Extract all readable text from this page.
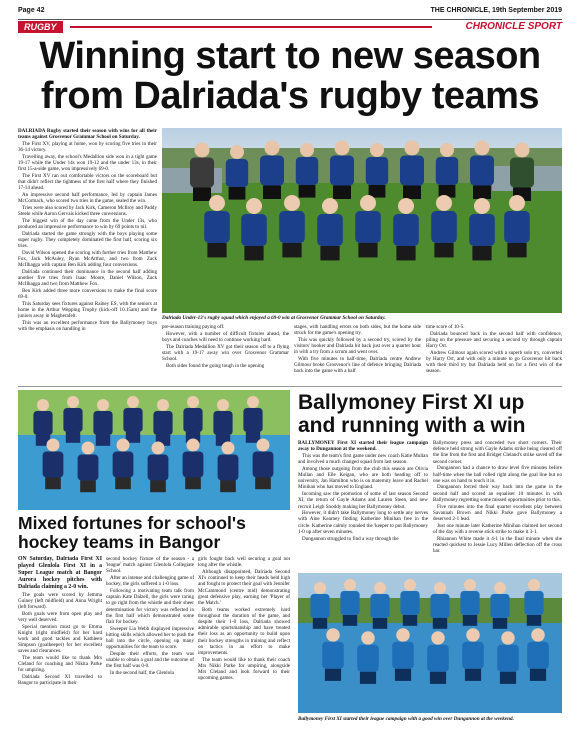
Page 42	THE CHRONICLE, 19th September 2019
RUGBY	CHRONICLE SPORT
Winning start to new season from Dalriada's rugby teams

DALRIADA Rugby started their season with wins for all their teams against Grosvenor Grammar School on Saturday.

The First XV, playing at home, won by scoring five tries in their 36-14 victory.

Travelling away, the school's Medallion side won in a tight game 19-17 while the Under 14s won 19-12 and the under 13s, in their first 15-a-side game, won impressively 69-0.

The First XV ran out comfortable victors on the scoreboard but that didn't reflect the tightness of the first half where they finished 17-14 ahead.

An impressive second half performance, led by captain James McCormack, who scored two tries in the game, sealed the win.

Tries were also scored by Jack Kirk, Cameron McIlroy and Paddy Steele while Aaron Gervais kicked three conversions.

The biggest win of the day came from the Under 13s, who produced an impressive performance to win by 69 points to nil.

Dalriada started the game strongly with the boys playing some super rugby. They completely dominated the first half, scoring six tries.

David Wilson opened the scoring with further tries from Matthew Fox, Jack McAuley, Ryan McArthur, and two from Zack McIlhagga with captain Ben Kirk adding four conversions.

Dalriada continued their dominance in the second half adding another five tries from Isaac Moore, Daniel Wilson, Zack McIlhagga and two from Matthew Fox.

Ben Kirk added three more conversions to make the final score 69-0.

This Saturday sees fixtures against Rainey ES, with the seniors at home in the Arthur Wepping Trophy (kick-off 10.15am) and the juniors away in Magherafelt.

This was an excellent performance from the Ballymoney boys with the emphasis on handling in

Dalriada Under-13's rugby squad which enjoyed a 69-0 win at Grosvenor Grammar School on Saturday.

pre-season training paying off.

However, with a number of difficult fixtures ahead, the boys and coaches will need to continue working hard.

The Dalriada Medallion XV got their season off to a flying start with a 19-17 away win over Grosvenor Grammar School.

Both sides found the going tough in the opening

stages, with handling errors on both sides, but the home side struck for the game's opening try.

This was quickly followed by a second try, scored by the visitors' hooker and Dalriada hit back just over a quarter hour in with a try from a scrum and went over.

With five minutes to half-time, Dalriada centre Andrew Gilmour broke Grosvenor's line of defence bringing Dalriada back into the game with a half

time score of 10-5.

Dalriada bounced back in the second half with confidence, piling on the pressure and securing a second try through captain Harry Orr.

Andrew Gilmour again scored with a superb solo try, converted by Harry Orr, and with only a minute to go Grosvenor hit back with their third try but Dalriada held on for a first win of the season.

Ballymoney First XI up and running with a win

BALLYMONEY First XI started their league campaign away to Dungannon at the weekend.

This was the team's first game under new coach Katie Mullan and involved a much changed squad from last season.

Among those outgoing from the club this season are Olivia Mullan and Elle Keigan, who are both heading off to university, Jan Hamilton who is on maternity leave and Rachel Minihan who has moved to England.

Incoming saw the promotion of some of last season Second XI, the return of Gayle Adams and Lauren Steen, and new recruit Leigh Snoddy making her Ballymoney debut.

However, it didn't take Ballymoney long to settle any nerves with Aine Kearney finding Katherine Minihan free in the circle. Katherine calmly rounded the 'keeper to put Ballymoney 1-0 up after seven minutes.

Dungannon struggled to find a way through the

Ballymoney press and conceded two short corners. Their defence held strong with Gayle Adams strike being cleared off the line from the first and Bridget Cleland's strike saved off the second corner.

Dungannon had a chance to draw level five minutes before half-time when the ball rolled right along the goal line but no one was on hand to touch it in.

Dungannon forced their way back into the game in the second half and scored an equaliser 10 minutes in with Ballymoney regretting some missed opportunities prior to this.

Five minutes into the final quarter excellent play between Savannah Brown and Nikki Parke gave Ballymoney a deserved 2-1 lead.

Just one minute later Katherine Minihan claimed her second of the day with a reverse stick strike to make it 3-1.

Rhiannon White made it 4-1 in the final minute when she reacted quickest to Jessie Lucy Millen deflection off the cross bar.

Mixed fortunes for school's hockey teams in Bangor

ON Saturday, Dalriada First XI played Glenlola First XI in a Super League match at Bangor Aurora hockey pitches with Dalriada claiming a 2-0 win.

The goals were scored by Jemma Guiney (left midfield) and Anna Wright (left forward).

Both goals were from open play and very well deserved.

Special mention must go to Emma Knight (right midfield) for her hard work and good tackles and Kathleen Simpson (goalkeeper) for her excellent saves and clearances.

The team would like to thank Mrs Cleland for coaching and Nikita Parke for umpiring.

Dalriada Second XI travelled to Bangor to participate in their

second hockey fixture of the season - a 'league' match against Glenlola Collegiate School.

After an intense and challenging game of hockey, the girls suffered a 1-0 loss.

Following a motivating team talk from captain Kate Dalzell, the girls were raring to go right from the whistle and their sheer determination for victory was reflected in the first half which demonstrated some flair for hockey.

Sweeper Lia Webb displayed impressive hitting skills which allowed her to push the ball into the circle, opening up many opportunities for the team to score.

Despite their efforts, the team was unable to obtain a goal and the outcome of the first half was 0-0.

In the second half, the Glenlola

girls fought back well securing a goal not long after the whistle.

Although disappointed, Dalriada Second XI's continued to keep their heads held high and fought to protect their goal with Jennifer McCammond (centre mid) demonstrating great defensive play, earning her 'Player of the Match.'

Both teams worked extremely hard throughout the duration of the game, and despite their 1-0 loss, Dalriada showed admirable sportsmanship and have treated their loss as an opportunity to build upon their hockey strengths in training and reflect on tactics in an effort to make improvements.

The team would like to thank their coach Mrs Nikki Parke for umpiring, alongside Mrs Cleland and look forward to their upcoming games.

Ballymoney First XI started their league campaign with a good win over Dungannon at the weekend.
